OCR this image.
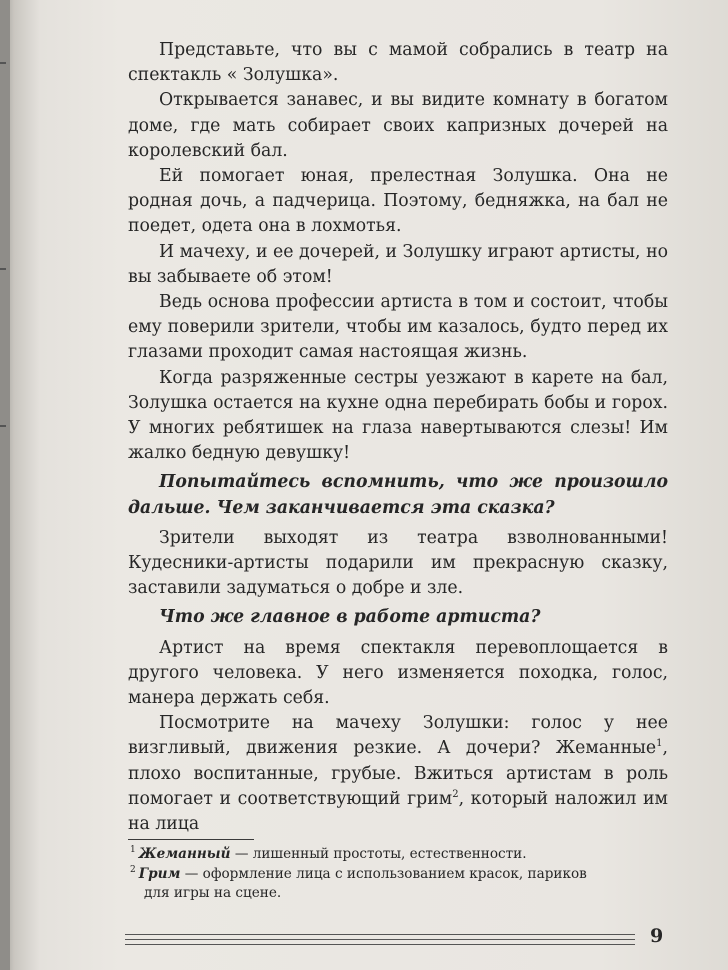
Представьте, что вы с мамой собрались в театр на спектакль « Золушка».

Открывается занавес, и вы видите комнату в богатом доме, где мать собирает своих капризных дочерей на королевский бал.

Ей помогает юная, прелестная Золушка. Она не родная дочь, а падчерица. Поэтому, бедняжка, на бал не поедет, одета она в лохмотья.

И мачеху, и ее дочерей, и Золушку играют артисты, но вы забываете об этом!

Ведь основа профессии артиста в том и состоит, чтобы ему поверили зрители, чтобы им казалось, будто перед их глазами проходит самая настоящая жизнь.

Когда разряженные сестры уезжают в карете на бал, Золушка остается на кухне одна перебирать бобы и горох. У многих ребятишек на глаза навертываются слезы! Им жалко бедную девушку!

Попытайтесь вспомнить, что же произошло дальше. Чем заканчивается эта сказка?

Зрители выходят из театра взволнованными! Кудесники-артисты подарили им прекрасную сказку, заставили задуматься о добре и зле.

Что же главное в работе артиста?

Артист на время спектакля перевоплощается в другого человека. У него изменяется походка, голос, манера держать себя.

Посмотрите на мачеху Золушки: голос у нее визгливый, движения резкие. А дочери? Жеманные$^1$, плохо воспитанные, грубые. Вжиться артистам в роль помогает и соответствующий грим$^2$, который наложил им на лица

$^1$ Жеманный — лишенный простоты, естественности.

$^2$ Грим — оформление лица с использованием красок, париков

для игры на сцене.

9
